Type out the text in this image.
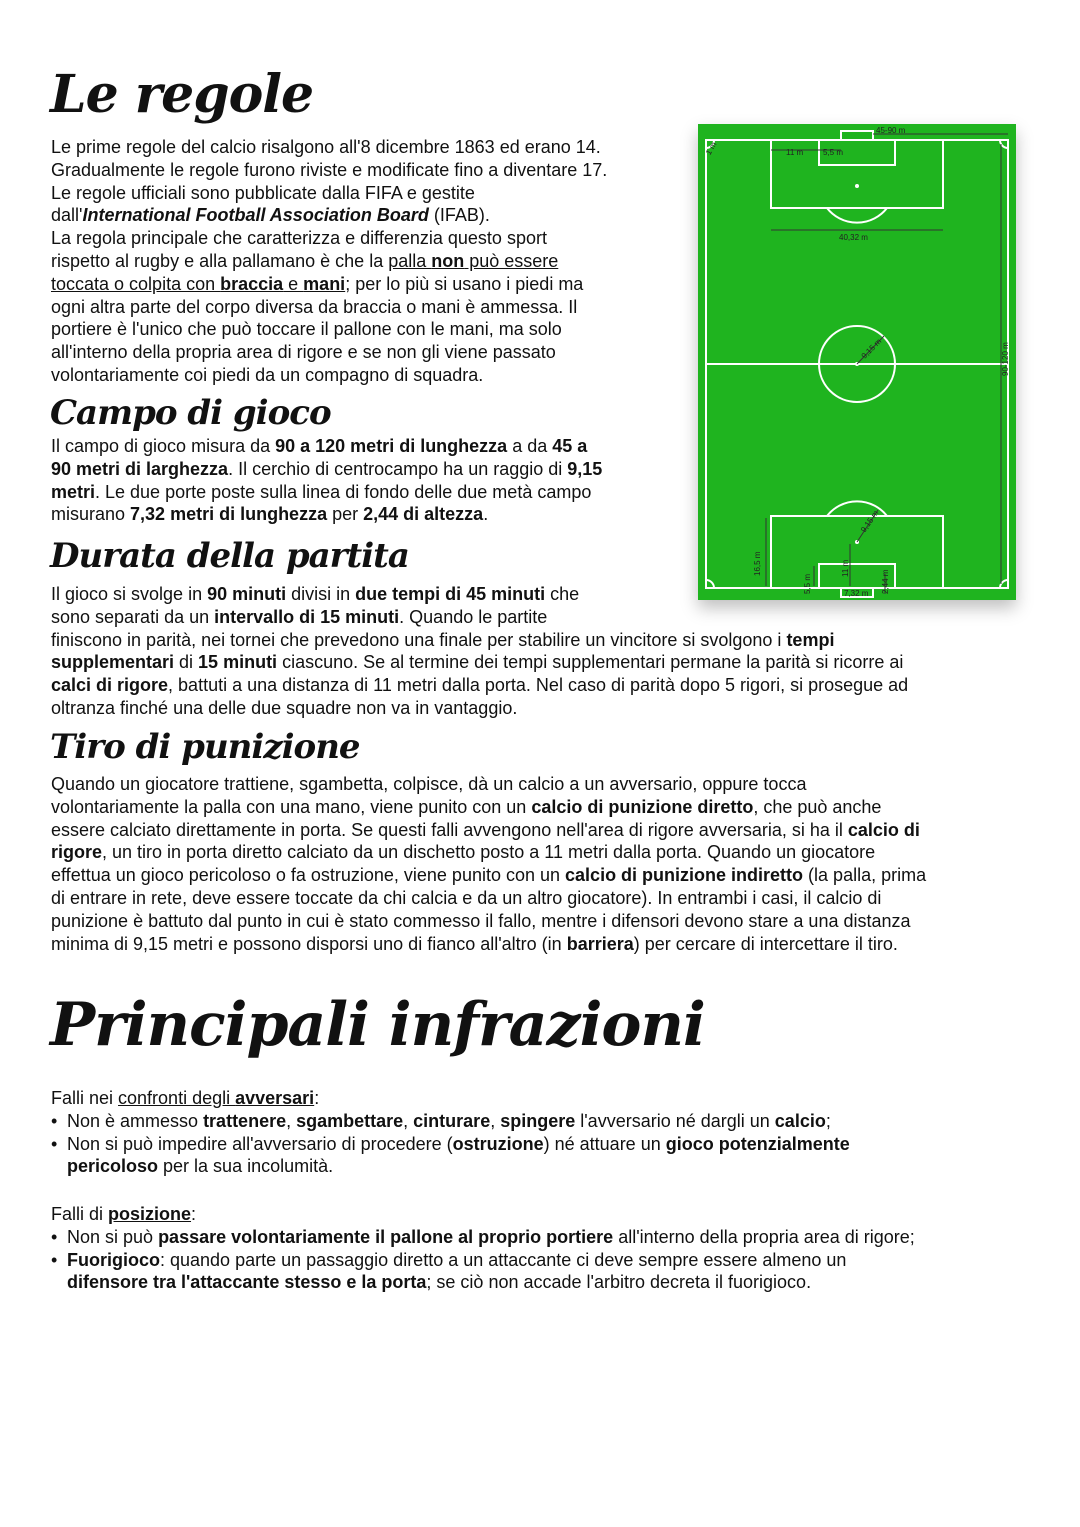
Le regole
Le prime regole del calcio risalgono all'8 dicembre 1863 ed erano 14.
Gradualmente le regole furono riviste e modificate fino a diventare 17.
Le regole ufficiali sono pubblicate dalla FIFA e gestite
dall'International Football Association Board (IFAB).
La regola principale che caratterizza e differenzia questo sport
rispetto al rugby e alla pallamano è che la palla non può essere
toccata o colpita con braccia e mani; per lo più si usano i piedi ma
ogni altra parte del corpo diversa da braccia o mani è ammessa. Il
portiere è l'unico che può toccare il pallone con le mani, ma solo
all'interno della propria area di rigore e se non gli viene passato
volontariamente coi piedi da un compagno di squadra.
Campo di gioco
Il campo di gioco misura da 90 a 120 metri di lunghezza a da 45 a
90 metri di larghezza. Il cerchio di centrocampo ha un raggio di 9,15
metri. Le due porte poste sulla linea di fondo delle due metà campo
misurano 7,32 metri di lunghezza per 2,44 di altezza.
Durata della partita
Il gioco si svolge in 90 minuti divisi in due tempi di 45 minuti che
sono separati da un intervallo di 15 minuti. Quando le partite
finiscono in parità, nei tornei che prevedono una finale per stabilire un vincitore si svolgono i tempi
supplementari di 15 minuti ciascuno. Se al termine dei tempi supplementari permane la parità si ricorre ai
calci di rigore, battuti a una distanza di 11 metri dalla porta. Nel caso di parità dopo 5 rigori, si prosegue ad
oltranza finché una delle due squadre non va in vantaggio.
Tiro di punizione
Quando un giocatore trattiene, sgambetta, colpisce, dà un calcio a un avversario, oppure tocca
volontariamente la palla con una mano, viene punito con un calcio di punizione diretto, che può anche
essere calciato direttamente in porta. Se questi falli avvengono nell'area di rigore avversaria, si ha il calcio di
rigore, un tiro in porta diretto calciato da un dischetto posto a 11 metri dalla porta. Quando un giocatore
effettua un gioco pericoloso o fa ostruzione, viene punito con un calcio di punizione indiretto (la palla, prima
di entrare in rete, deve essere toccate da chi calcia e da un altro giocatore). In entrambi i casi, il calcio di
punizione è battuto dal punto in cui è stato commesso il fallo, mentre i difensori devono stare a una distanza
minima di 9,15 metri e possono disporsi uno di fianco all'altro (in barriera) per cercare di intercettare il tiro.
Principali infrazioni
Falli nei confronti degli avversari:
• Non è ammesso trattenere, sgambettare, cinturare, spingere l'avversario né dargli un calcio;
• Non si può impedire all'avversario di procedere (ostruzione) né attuare un gioco potenzialmente
pericoloso per la sua incolumità.
Falli di posizione:
• Non si può passare volontariamente il pallone al proprio portiere all'interno della propria area di rigore;
• Fuorigioco: quando parte un passaggio diretto a un attaccante ci deve sempre essere almeno un
difensore tra l'attaccante stesso e la porta; se ciò non accade l'arbitro decreta il fuorigioco.
45-90 m
1 m	11 m 5,5 m
40,32 m
9,15 m	90-120 m
16,5 m
5,5 m
11 m
7,32 m 2,44 m
9,15 m
